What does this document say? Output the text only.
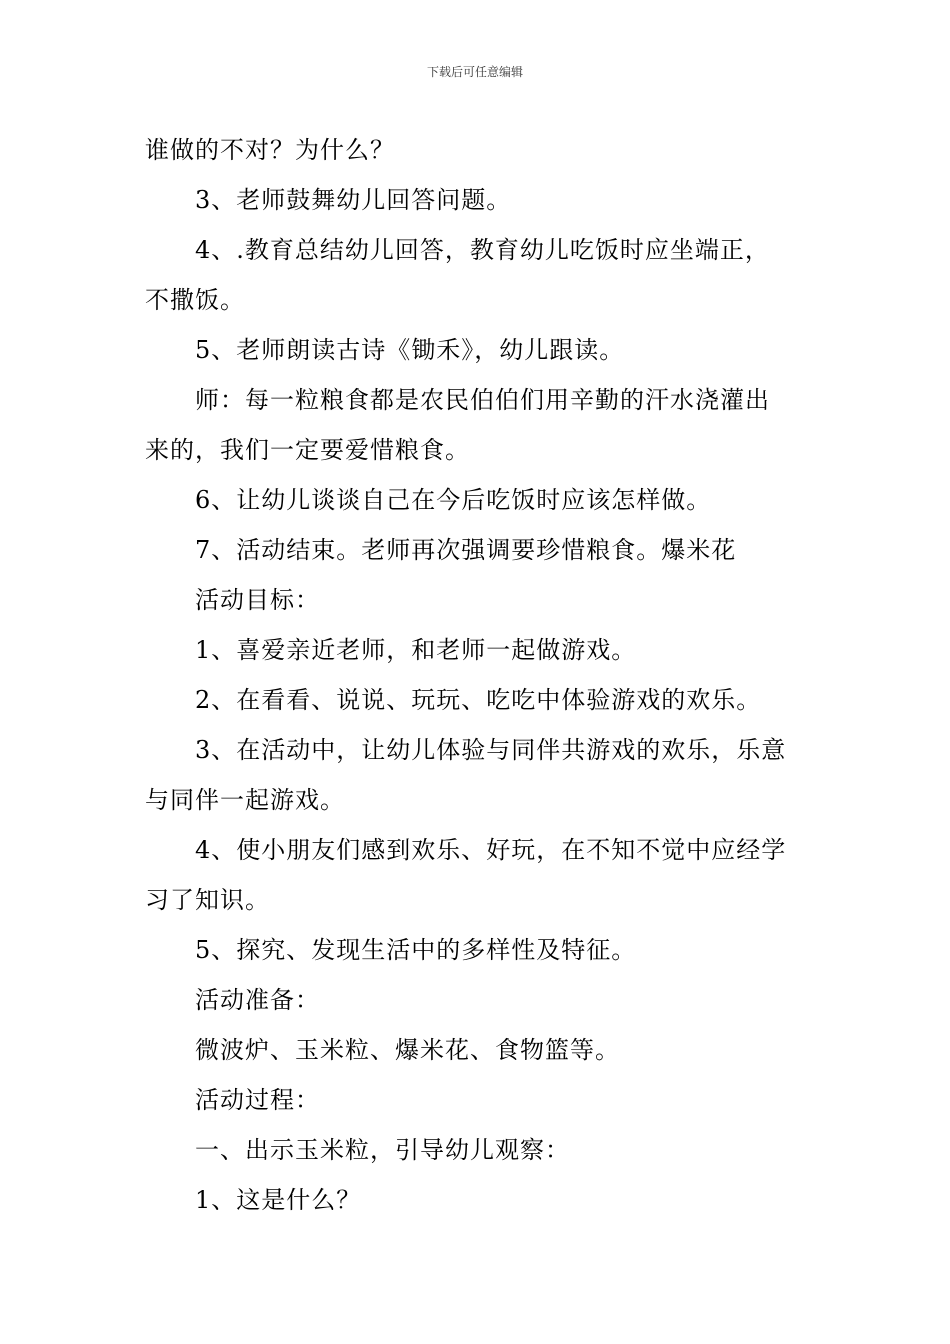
下载后可任意编辑
谁做的不对？为什么？
3、老师鼓舞幼儿回答问题。
4、.教育总结幼儿回答，教育幼儿吃饭时应坐端正，
不撒饭。
5、老师朗读古诗《锄禾》，幼儿跟读。
师：每一粒粮食都是农民伯伯们用辛勤的汗水浇灌出
来的，我们一定要爱惜粮食。
6、让幼儿谈谈自己在今后吃饭时应该怎样做。
7、活动结束。老师再次强调要珍惜粮食。爆米花
活动目标：
1、喜爱亲近老师，和老师一起做游戏。
2、在看看、说说、玩玩、吃吃中体验游戏的欢乐。
3、在活动中，让幼儿体验与同伴共游戏的欢乐，乐意
与同伴一起游戏。
4、使小朋友们感到欢乐、好玩，在不知不觉中应经学
习了知识。
5、探究、发现生活中的多样性及特征。
活动准备：
微波炉、玉米粒、爆米花、食物篮等。
活动过程：
一、出示玉米粒，引导幼儿观察：
1、这是什么？
